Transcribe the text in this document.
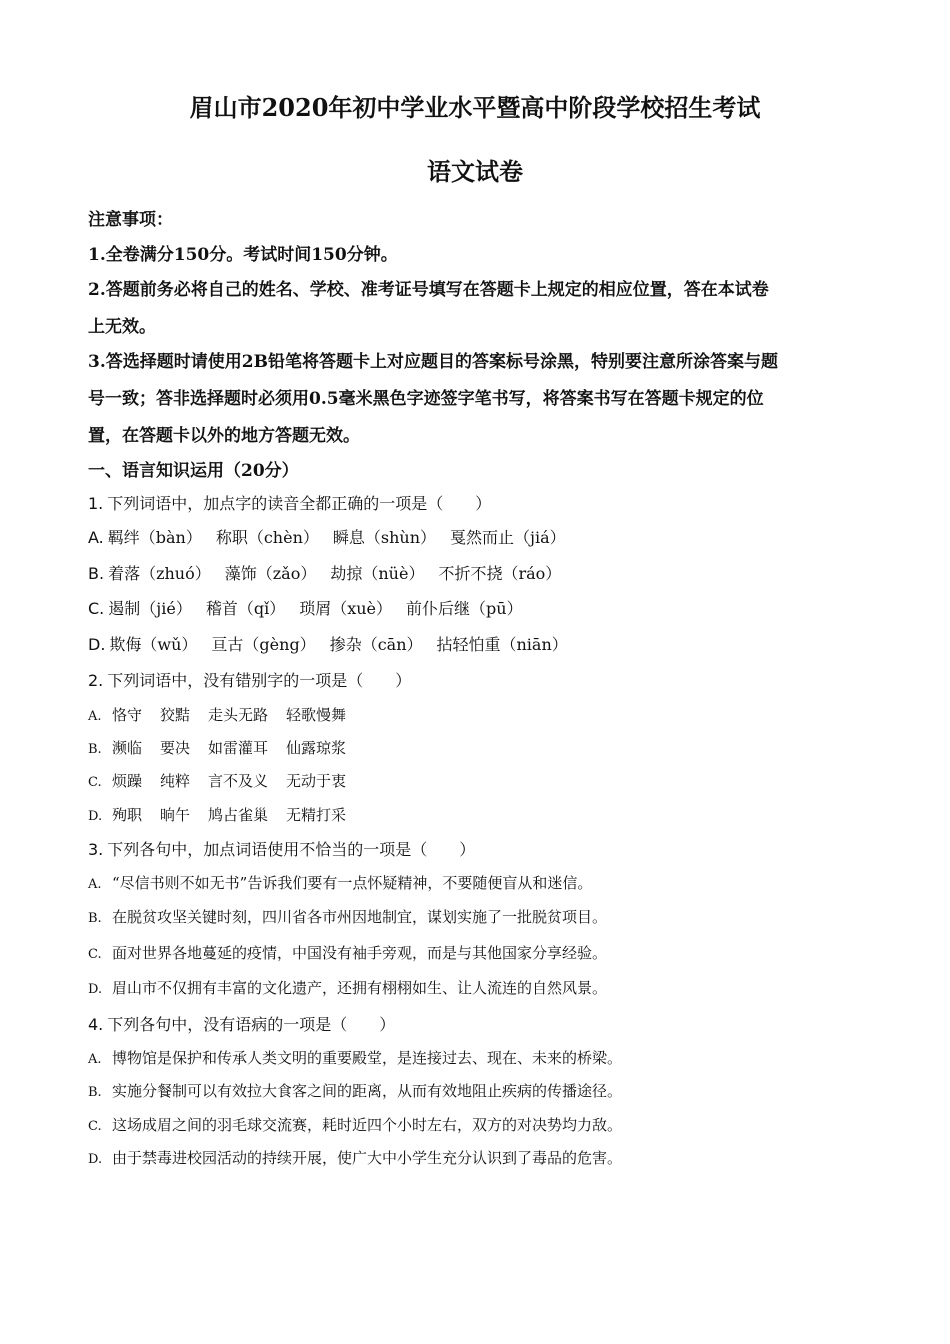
眉山市2020年初中学业水平暨高中阶段学校招生考试
语文试卷
注意事项：
1.全卷满分150分。考试时间150分钟。
2.答题前务必将自己的姓名、学校、准考证号填写在答题卡上规定的相应位置，答在本试卷
上无效。
3.答选择题时请使用2B铅笔将答题卡上对应题目的答案标号涂黑，特别要注意所涂答案与题
号一致；答非选择题时必须用0.5毫米黑色字迹签字笔书写，将答案书写在答题卡规定的位
置，在答题卡以外的地方答题无效。
一、语言知识运用（20分）
1. 下列词语中，加点字的读音全都正确的一项是（　　）
A. 羁绊（bàn） 称职（chèn） 瞬息（shùn） 戛然而止（jiá）
B. 着落（zhuó） 藻饰（zǎo） 劫掠（nüè） 不折不挠（ráo）
C. 遏制（jié） 稽首（qǐ） 琐屑（xuè） 前仆后继（pū）
D. 欺侮（wǔ） 亘古（gèng） 掺杂（cān） 拈轻怕重（niān）
2. 下列词语中，没有错别字的一项是（　　）
A. 恪守 狡黠 走头无路 轻歌慢舞
B. 濒临 要决 如雷灌耳 仙露琼浆
C. 烦躁 纯粹 言不及义 无动于衷
D. 殉职 晌午 鸠占雀巢 无精打采
3. 下列各句中，加点词语使用不恰当的一项是（　　）
A. “尽信书则不如无书”告诉我们要有一点怀疑精神，不要随便盲从和迷信。
B. 在脱贫攻坚关键时刻，四川省各市州因地制宜，谋划实施了一批脱贫项目。
C. 面对世界各地蔓延的疫情，中国没有袖手旁观，而是与其他国家分享经验。
D. 眉山市不仅拥有丰富的文化遗产，还拥有栩栩如生、让人流连的自然风景。
4. 下列各句中，没有语病的一项是（　　）
A. 博物馆是保护和传承人类文明的重要殿堂，是连接过去、现在、未来的桥梁。
B. 实施分餐制可以有效拉大食客之间的距离，从而有效地阻止疾病的传播途径。
C. 这场成眉之间的羽毛球交流赛，耗时近四个小时左右，双方的对决势均力敌。
D. 由于禁毒进校园活动的持续开展，使广大中小学生充分认识到了毒品的危害。
